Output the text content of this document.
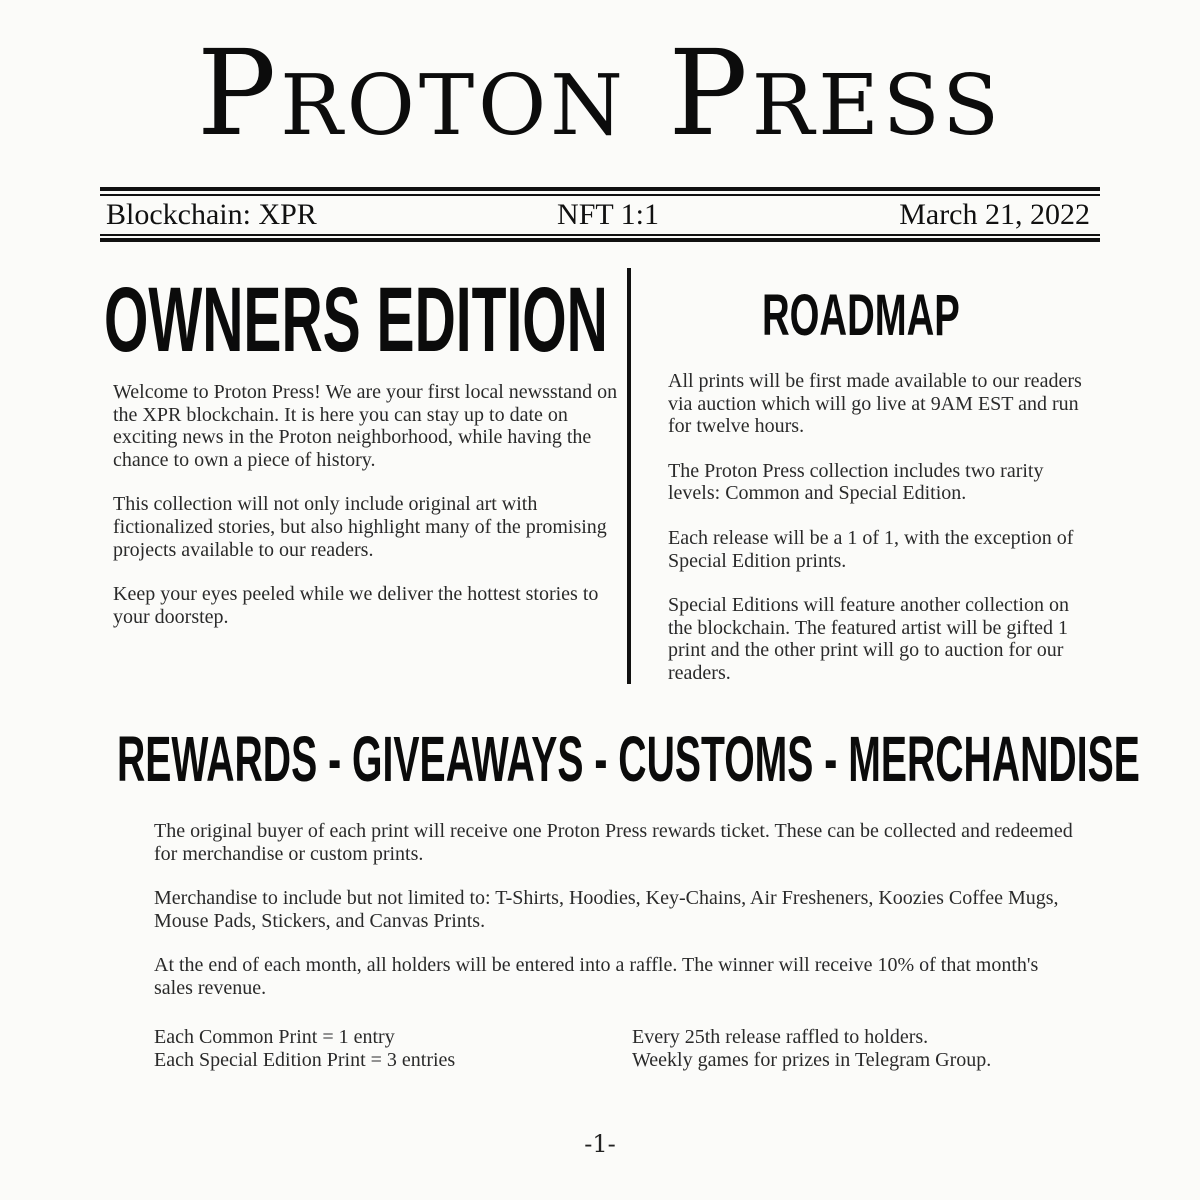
Proton Press
Blockchain: XPR	NFT 1:1	March 21, 2022
OWNERS EDITION

Welcome to Proton Press! We are your first local newsstand on the XPR blockchain. It is here you can stay up to date on exciting news in the Proton neighborhood, while having the chance to own a piece of history.

This collection will not only include original art with fictionalized stories, but also highlight many of the promising projects available to our readers.

Keep your eyes peeled while we deliver the hottest stories to your doorstep.

ROADMAP

All prints will be first made available to our readers via auction which will go live at 9AM EST and run for twelve hours.

The Proton Press collection includes two rarity levels: Common and Special Edition.

Each release will be a 1 of 1, with the exception of Special Edition prints.

Special Editions will feature another collection on the blockchain. The featured artist will be gifted 1 print and the other print will go to auction for our readers.

REWARDS - GIVEAWAYS - CUSTOMS - MERCHANDISE

The original buyer of each print will receive one Proton Press rewards ticket. These can be collected and redeemed for merchandise or custom prints.

Merchandise to include but not limited to: T-Shirts, Hoodies, Key-Chains, Air Fresheners, Koozies Coffee Mugs, Mouse Pads, Stickers, and Canvas Prints.

At the end of each month, all holders will be entered into a raffle. The winner will receive 10% of that month's sales revenue.

Each Common Print = 1 entry
Each Special Edition Print = 3 entries
Every 25th release raffled to holders.
Weekly games for prizes in Telegram Group.
-1-
